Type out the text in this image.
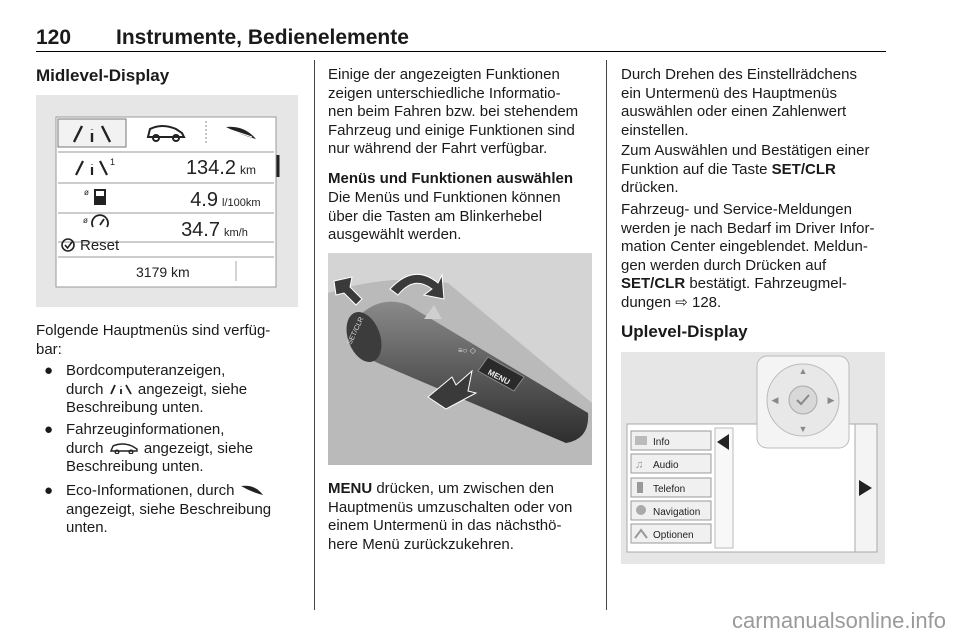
120 Instrumente, Bedienelemente
Midlevel-Display
1	134.2 km
ø	4.9 l/100km
ø	34.7 km/h
Reset
3179 km
Folgende Hauptmenüs sind verfüg-
bar:
● Bordcomputeranzeigen,
durch angezeigt, siehe
Beschreibung unten.
● Fahrzeuginformationen,
durch	angezeigt, siehe
Beschreibung unten.
● Eco-Informationen, durch
angezeigt, siehe Beschreibung
unten.
Einige der angezeigten Funktionen
zeigen unterschiedliche Informatio-
nen beim Fahren bzw. bei stehendem
Fahrzeug und einige Funktionen sind
nur während der Fahrt verfügbar.
Menüs und Funktionen auswählen
Die Menüs und Funktionen können
über die Tasten am Blinkerhebel
ausgewählt werden.
SET/CLR
≡○ ◇
MENU
MENU drücken, um zwischen den
Hauptmenüs umzuschalten oder von
einem Untermenü in das nächsthö-
here Menü zurückzukehren.
Durch Drehen des Einstellrädchens
ein Untermenü des Hauptmenüs
auswählen oder einen Zahlenwert
einstellen.
Zum Auswählen und Bestätigen einer
Funktion auf die Taste SET/CLR
drücken.
Fahrzeug- und Service-Meldungen
werden je nach Bedarf im Driver Infor-
mation Center eingeblendet. Meldun-
gen werden durch Drücken auf
SET/CLR bestätigt. Fahrzeugmel-
dungen ⇨ 128.
Uplevel-Display
▲
▼
◀	▶
Info
♫ Audio
Telefon
Navigation
Optionen
carmanualsonline.info
